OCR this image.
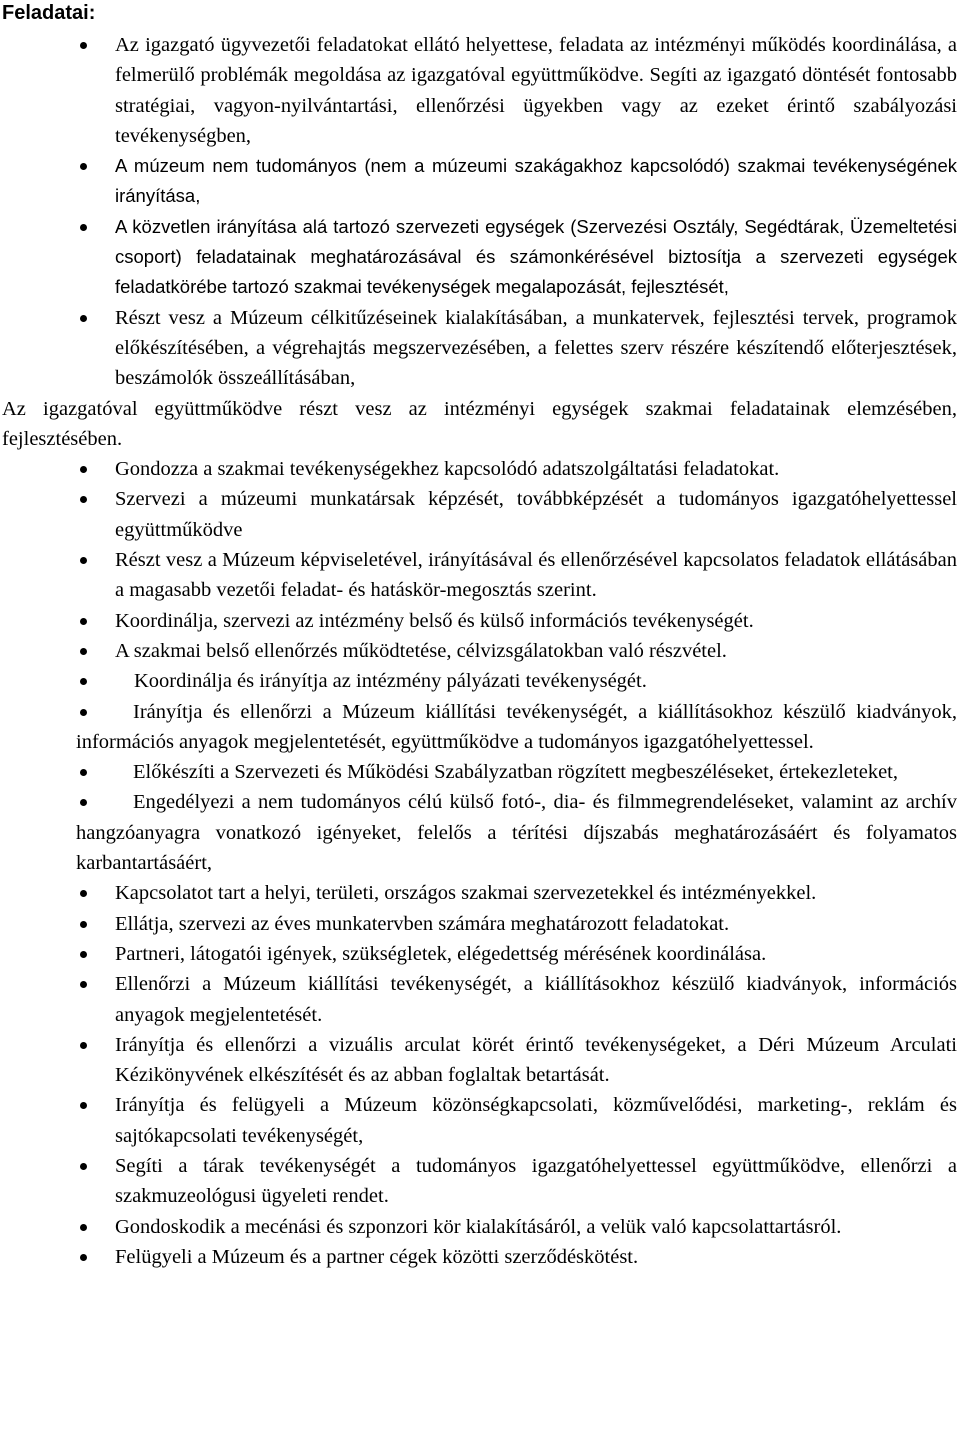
Feladatai:
Az igazgató ügyvezetői feladatokat ellátó helyettese, feladata az intézményi működés koordinálása, a felmerülő problémák megoldása az igazgatóval együttműködve. Segíti az igazgató döntését fontosabb stratégiai, vagyon-nyilvántartási, ellenőrzési ügyekben vagy az ezeket érintő szabályozási tevékenységben,
A múzeum nem tudományos (nem a múzeumi szakágakhoz kapcsolódó) szakmai tevékenységének irányítása,
A közvetlen irányítása alá tartozó szervezeti egységek (Szervezési Osztály, Segédtárak, Üzemeltetési csoport) feladatainak meghatározásával és számonkérésével biztosítja a szervezeti egységek feladatkörébe tartozó szakmai tevékenységek megalapozását, fejlesztését,
Részt vesz a Múzeum célkitűzéseinek kialakításában, a munkatervek, fejlesztési tervek, programok előkészítésében, a végrehajtás megszervezésében, a felettes szerv részére készítendő előterjesztések, beszámolók összeállításában,

Az igazgatóval együttműködve részt vesz az intézményi egységek szakmai feladatainak elemzésében, fejlesztésében.

Gondozza a szakmai tevékenységekhez kapcsolódó adatszolgáltatási feladatokat.
Szervezi a múzeumi munkatársak képzését, továbbképzését a tudományos igazgatóhelyettessel együttműködve
Részt vesz a Múzeum képviseletével, irányításával és ellenőrzésével kapcsolatos feladatok ellátásában a magasabb vezetői feladat- és hatáskör-megosztás szerint.
Koordinálja, szervezi az intézmény belső és külső információs tevékenységét.
A szakmai belső ellenőrzés működtetése, célvizsgálatokban való részvétel.
Koordinálja és irányítja az intézmény pályázati tevékenységét.
Irányítja és ellenőrzi a Múzeum kiállítási tevékenységét, a kiállításokhoz készülő kiadványok, információs anyagok megjelentetését, együttműködve a tudományos igazgatóhelyettessel.
Előkészíti a Szervezeti és Működési Szabályzatban rögzített megbeszéléseket, értekezleteket,
Engedélyezi a nem tudományos célú külső fotó-, dia- és filmmegrendeléseket, valamint az archív hangzóanyagra vonatkozó igényeket, felelős a térítési díjszabás meghatározásáért és folyamatos karbantartásáért,
Kapcsolatot tart a helyi, területi, országos szakmai szervezetekkel és intézményekkel.
Ellátja, szervezi az éves munkatervben számára meghatározott feladatokat.
Partneri, látogatói igények, szükségletek, elégedettség mérésének koordinálása.
Ellenőrzi a Múzeum kiállítási tevékenységét, a kiállításokhoz készülő kiadványok, információs anyagok megjelentetését.
Irányítja és ellenőrzi a vizuális arculat körét érintő tevékenységeket, a Déri Múzeum Arculati Kézikönyvének elkészítését és az abban foglaltak betartását.
Irányítja és felügyeli a Múzeum közönségkapcsolati, közművelődési, marketing-, reklám és sajtókapcsolati tevékenységét,
Segíti a tárak tevékenységét a tudományos igazgatóhelyettessel együttműködve, ellenőrzi a szakmuzeológusi ügyeleti rendet.
Gondoskodik a mecénási és szponzori kör kialakításáról, a velük való kapcsolattartásról.
Felügyeli a Múzeum és a partner cégek közötti szerződéskötést.
